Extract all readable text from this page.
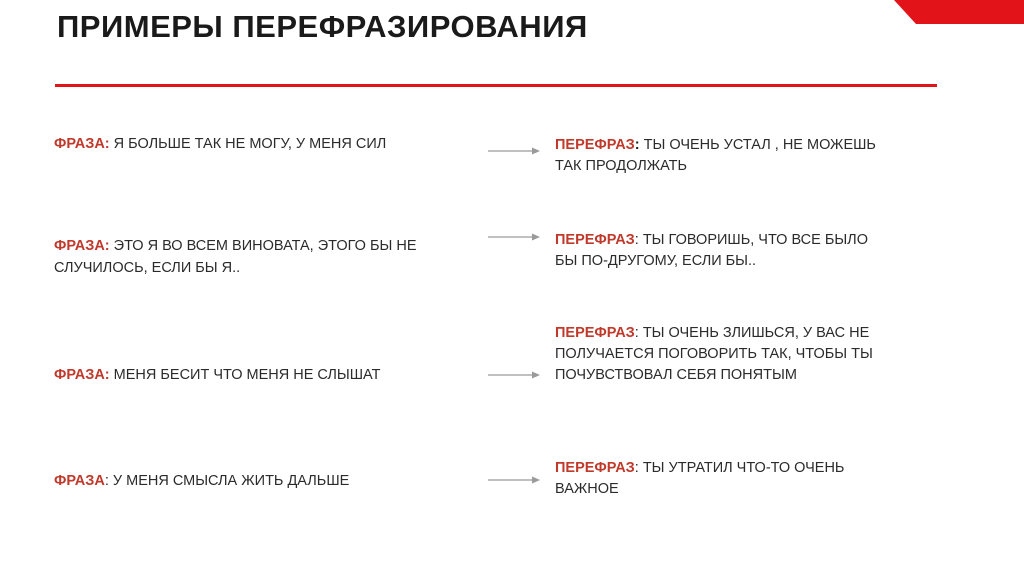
ПРИМЕРЫ ПЕРЕФРАЗИРОВАНИЯ
ФРАЗА: Я БОЛЬШЕ ТАК НЕ МОГУ, У МЕНЯ СИЛ	ПЕРЕФРАЗ: ТЫ ОЧЕНЬ УСТАЛ , НЕ МОЖЕШЬ ТАК ПРОДОЛЖАТЬ
ФРАЗА: ЭТО Я ВО ВСЕМ ВИНОВАТА, ЭТОГО БЫ НЕ СЛУЧИЛОСЬ, ЕСЛИ БЫ Я..
ПЕРЕФРАЗ: ТЫ ГОВОРИШЬ, ЧТО ВСЕ БЫЛО БЫ ПО-ДРУГОМУ, ЕСЛИ БЫ..
ФРАЗА: МЕНЯ БЕСИТ ЧТО МЕНЯ НЕ СЛЫШАТ
ПЕРЕФРАЗ: ТЫ ОЧЕНЬ ЗЛИШЬСЯ, У ВАС НЕ ПОЛУЧАЕТСЯ ПОГОВОРИТЬ ТАК, ЧТОБЫ ТЫ ПОЧУВСТВОВАЛ СЕБЯ ПОНЯТЫМ
ФРАЗА: У МЕНЯ СМЫСЛА ЖИТЬ ДАЛЬШЕ
ПЕРЕФРАЗ: ТЫ УТРАТИЛ ЧТО-ТО ОЧЕНЬ ВАЖНОЕ
